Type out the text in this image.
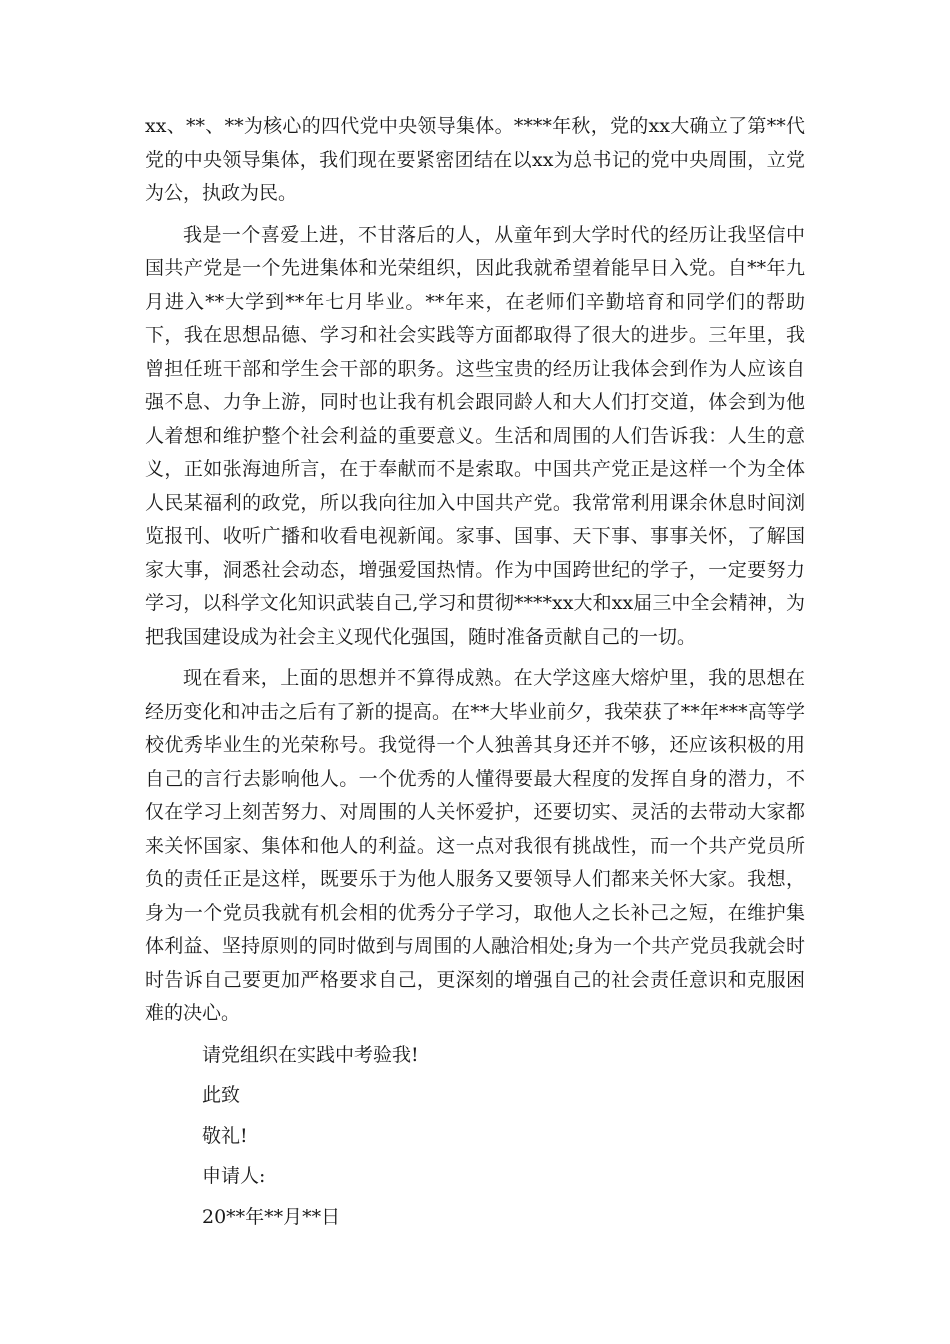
xx、**、**为核心的四代党中央领导集体。****年秋，党的xx大确立了第**代党的中央领导集体，我们现在要紧密团结在以xx为总书记的党中央周围，立党为公，执政为民。

我是一个喜爱上进，不甘落后的人，从童年到大学时代的经历让我坚信中国共产党是一个先进集体和光荣组织，因此我就希望着能早日入党。自**年九月进入**大学到**年七月毕业。**年来，在老师们辛勤培育和同学们的帮助下，我在思想品德、学习和社会实践等方面都取得了很大的进步。三年里，我曾担任班干部和学生会干部的职务。这些宝贵的经历让我体会到作为人应该自强不息、力争上游，同时也让我有机会跟同龄人和大人们打交道，体会到为他人着想和维护整个社会利益的重要意义。生活和周围的人们告诉我：人生的意义，正如张海迪所言，在于奉献而不是索取。中国共产党正是这样一个为全体人民某福利的政党，所以我向往加入中国共产党。我常常利用课余休息时间浏览报刊、收听广播和收看电视新闻。家事、国事、天下事、事事关怀，了解国家大事，洞悉社会动态，增强爱国热情。作为中国跨世纪的学子，一定要努力学习，以科学文化知识武装自己,学习和贯彻****xx大和xx届三中全会精神，为把我国建设成为社会主义现代化强国，随时准备贡献自己的一切。

现在看来，上面的思想并不算得成熟。在大学这座大熔炉里，我的思想在经历变化和冲击之后有了新的提高。在**大毕业前夕，我荣获了**年***高等学校优秀毕业生的光荣称号。我觉得一个人独善其身还并不够，还应该积极的用自己的言行去影响他人。一个优秀的人懂得要最大程度的发挥自身的潜力，不仅在学习上刻苦努力、对周围的人关怀爱护，还要切实、灵活的去带动大家都来关怀国家、集体和他人的利益。这一点对我很有挑战性，而一个共产党员所负的责任正是这样，既要乐于为他人服务又要领导人们都来关怀大家。我想，身为一个党员我就有机会相的优秀分子学习，取他人之长补己之短，在维护集体利益、坚持原则的同时做到与周围的人融洽相处;身为一个共产党员我就会时时告诉自己要更加严格要求自己，更深刻的增强自己的社会责任意识和克服困难的决心。

请党组织在实践中考验我!

此致

敬礼!

申请人:

20**年**月**日
